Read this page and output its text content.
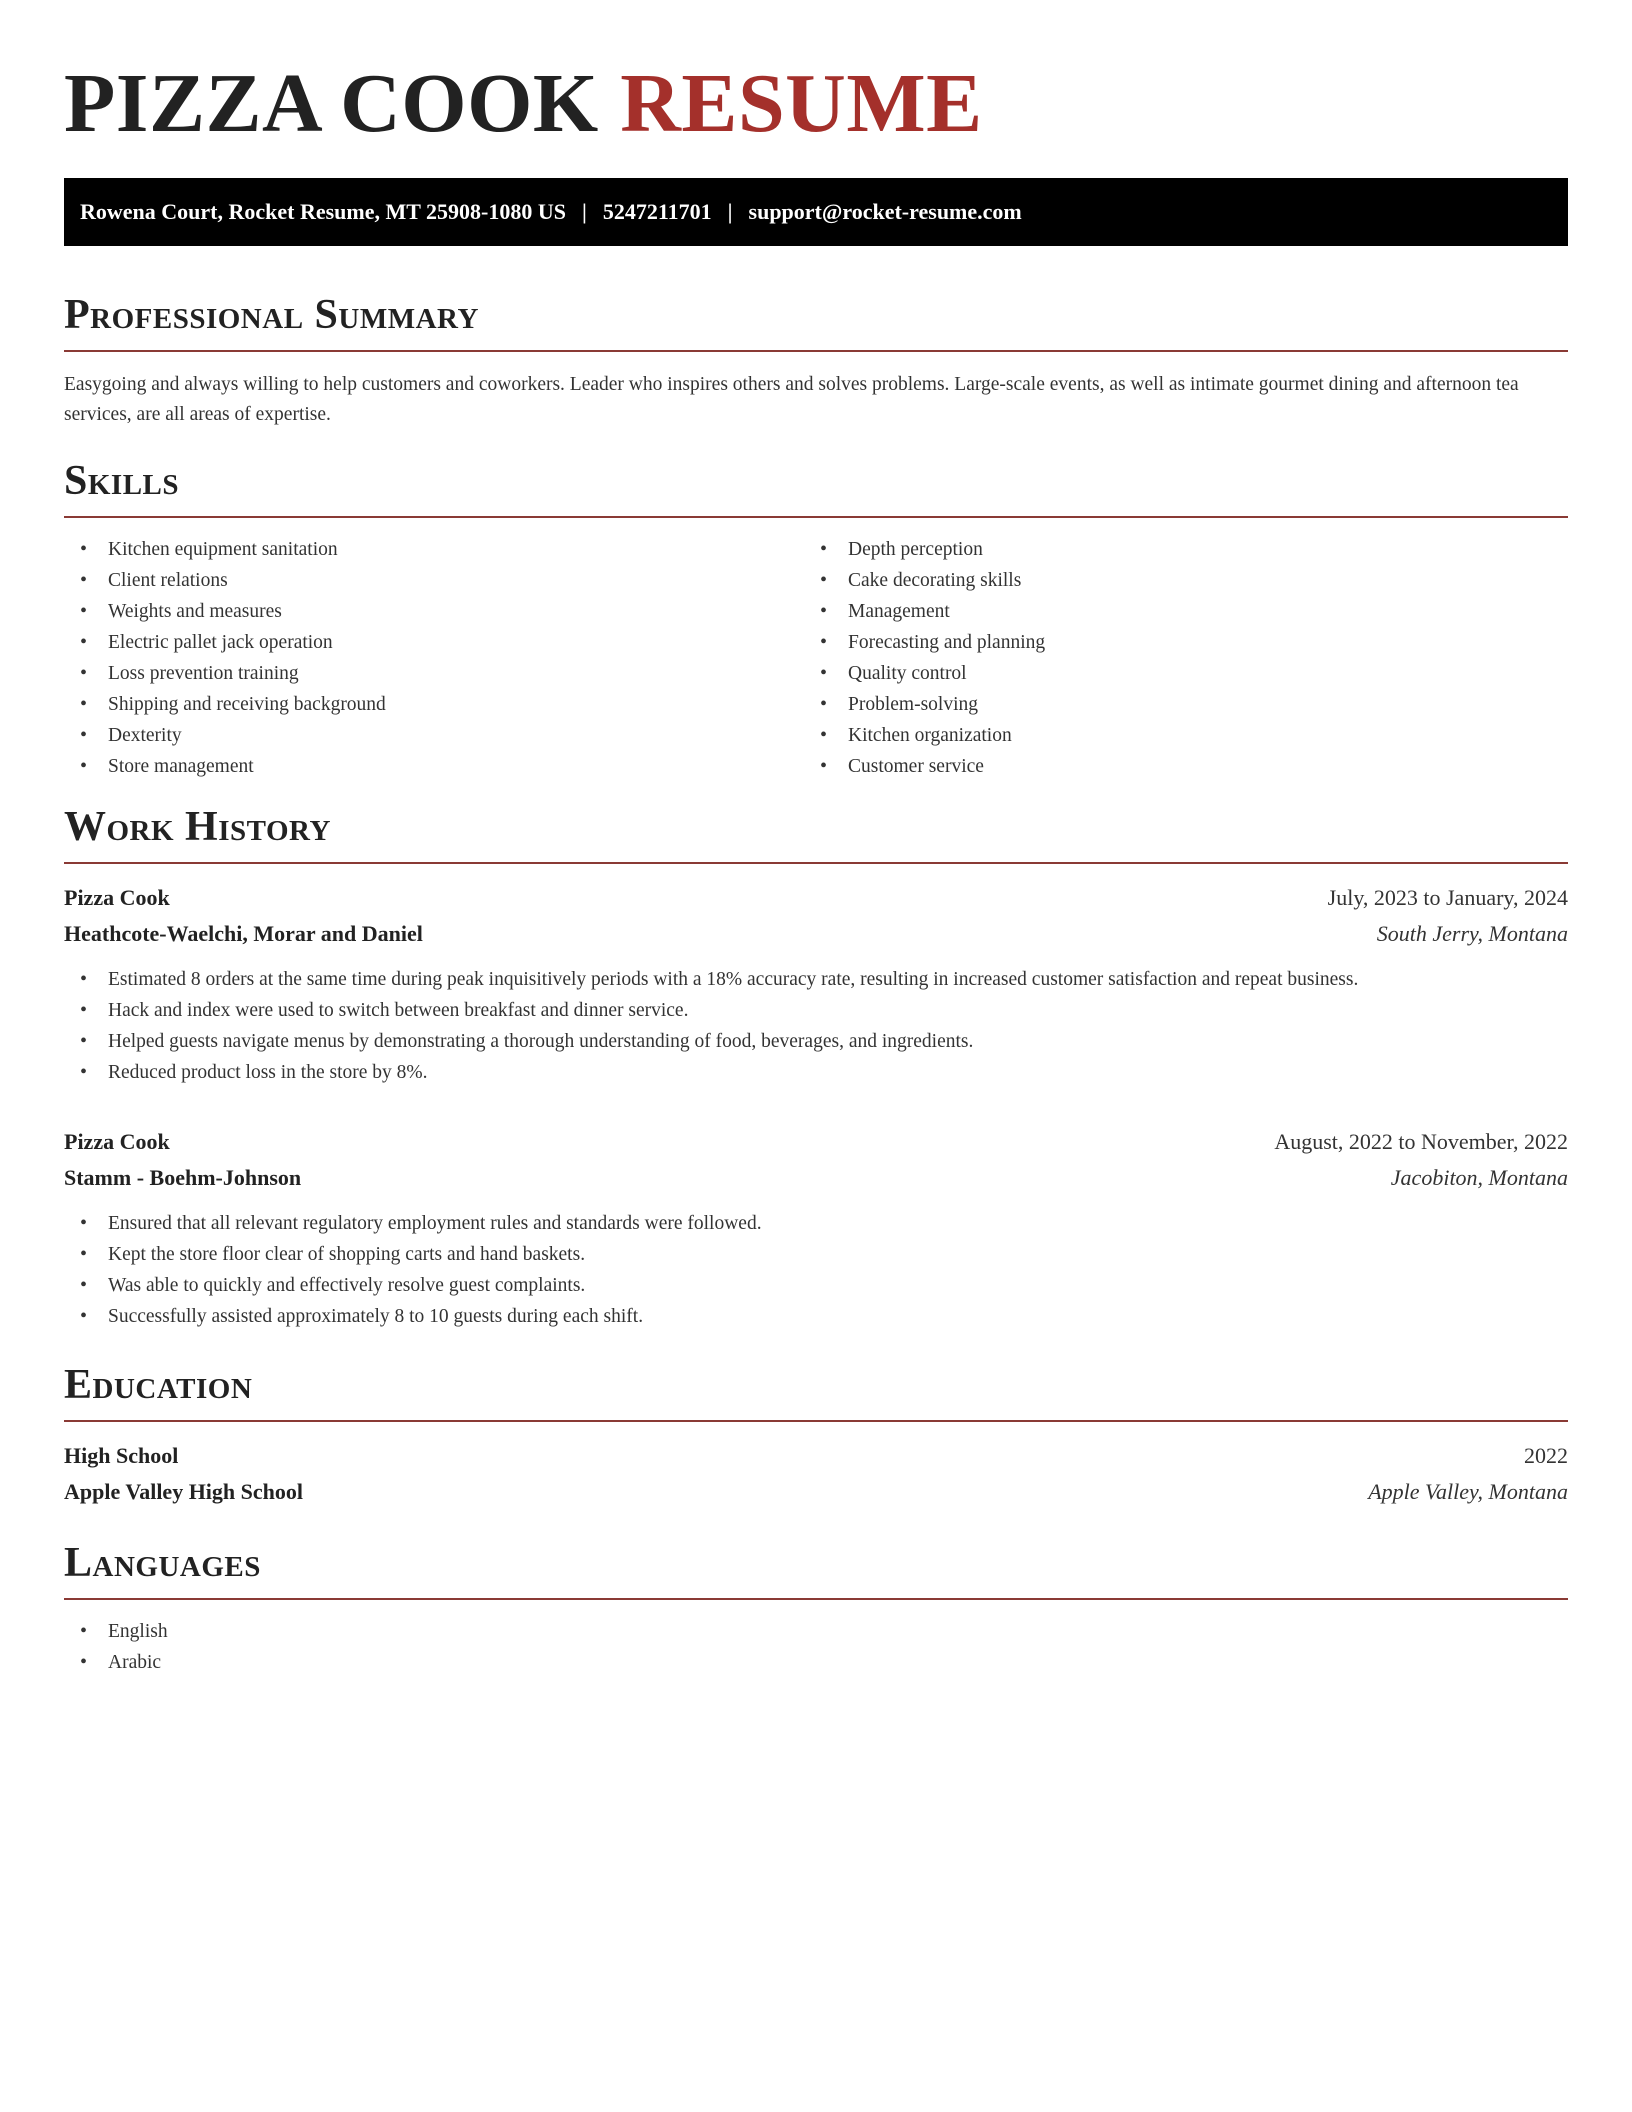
PIZZA COOK RESUME
Rowena Court, Rocket Resume, MT 25908-1080 US | 5247211701 | support@rocket-resume.com
Professional Summary

Easygoing and always willing to help customers and coworkers. Leader who inspires others and solves problems. Large-scale events, as well as intimate gourmet dining and afternoon tea services, are all areas of expertise.

Skills
• Kitchen equipment sanitation
• Client relations
• Weights and measures
• Electric pallet jack operation
• Loss prevention training
• Shipping and receiving background
• Dexterity
• Store management
• Depth perception
• Cake decorating skills
• Management
• Forecasting and planning
• Quality control
• Problem-solving
• Kitchen organization
• Customer service
Work History
Pizza Cook	July, 2023 to January, 2024
Heathcote-Waelchi, Morar and Daniel	South Jerry, Montana
• Estimated 8 orders at the same time during peak inquisitively periods with a 18% accuracy rate, resulting in increased customer satisfaction and repeat business.
• Hack and index were used to switch between breakfast and dinner service.
• Helped guests navigate menus by demonstrating a thorough understanding of food, beverages, and ingredients.
• Reduced product loss in the store by 8%.
Pizza Cook	August, 2022 to November, 2022
Stamm - Boehm-Johnson	Jacobiton, Montana
• Ensured that all relevant regulatory employment rules and standards were followed.
• Kept the store floor clear of shopping carts and hand baskets.
• Was able to quickly and effectively resolve guest complaints.
• Successfully assisted approximately 8 to 10 guests during each shift.
Education
High School	2022
Apple Valley High School	Apple Valley, Montana
Languages
• English
• Arabic
